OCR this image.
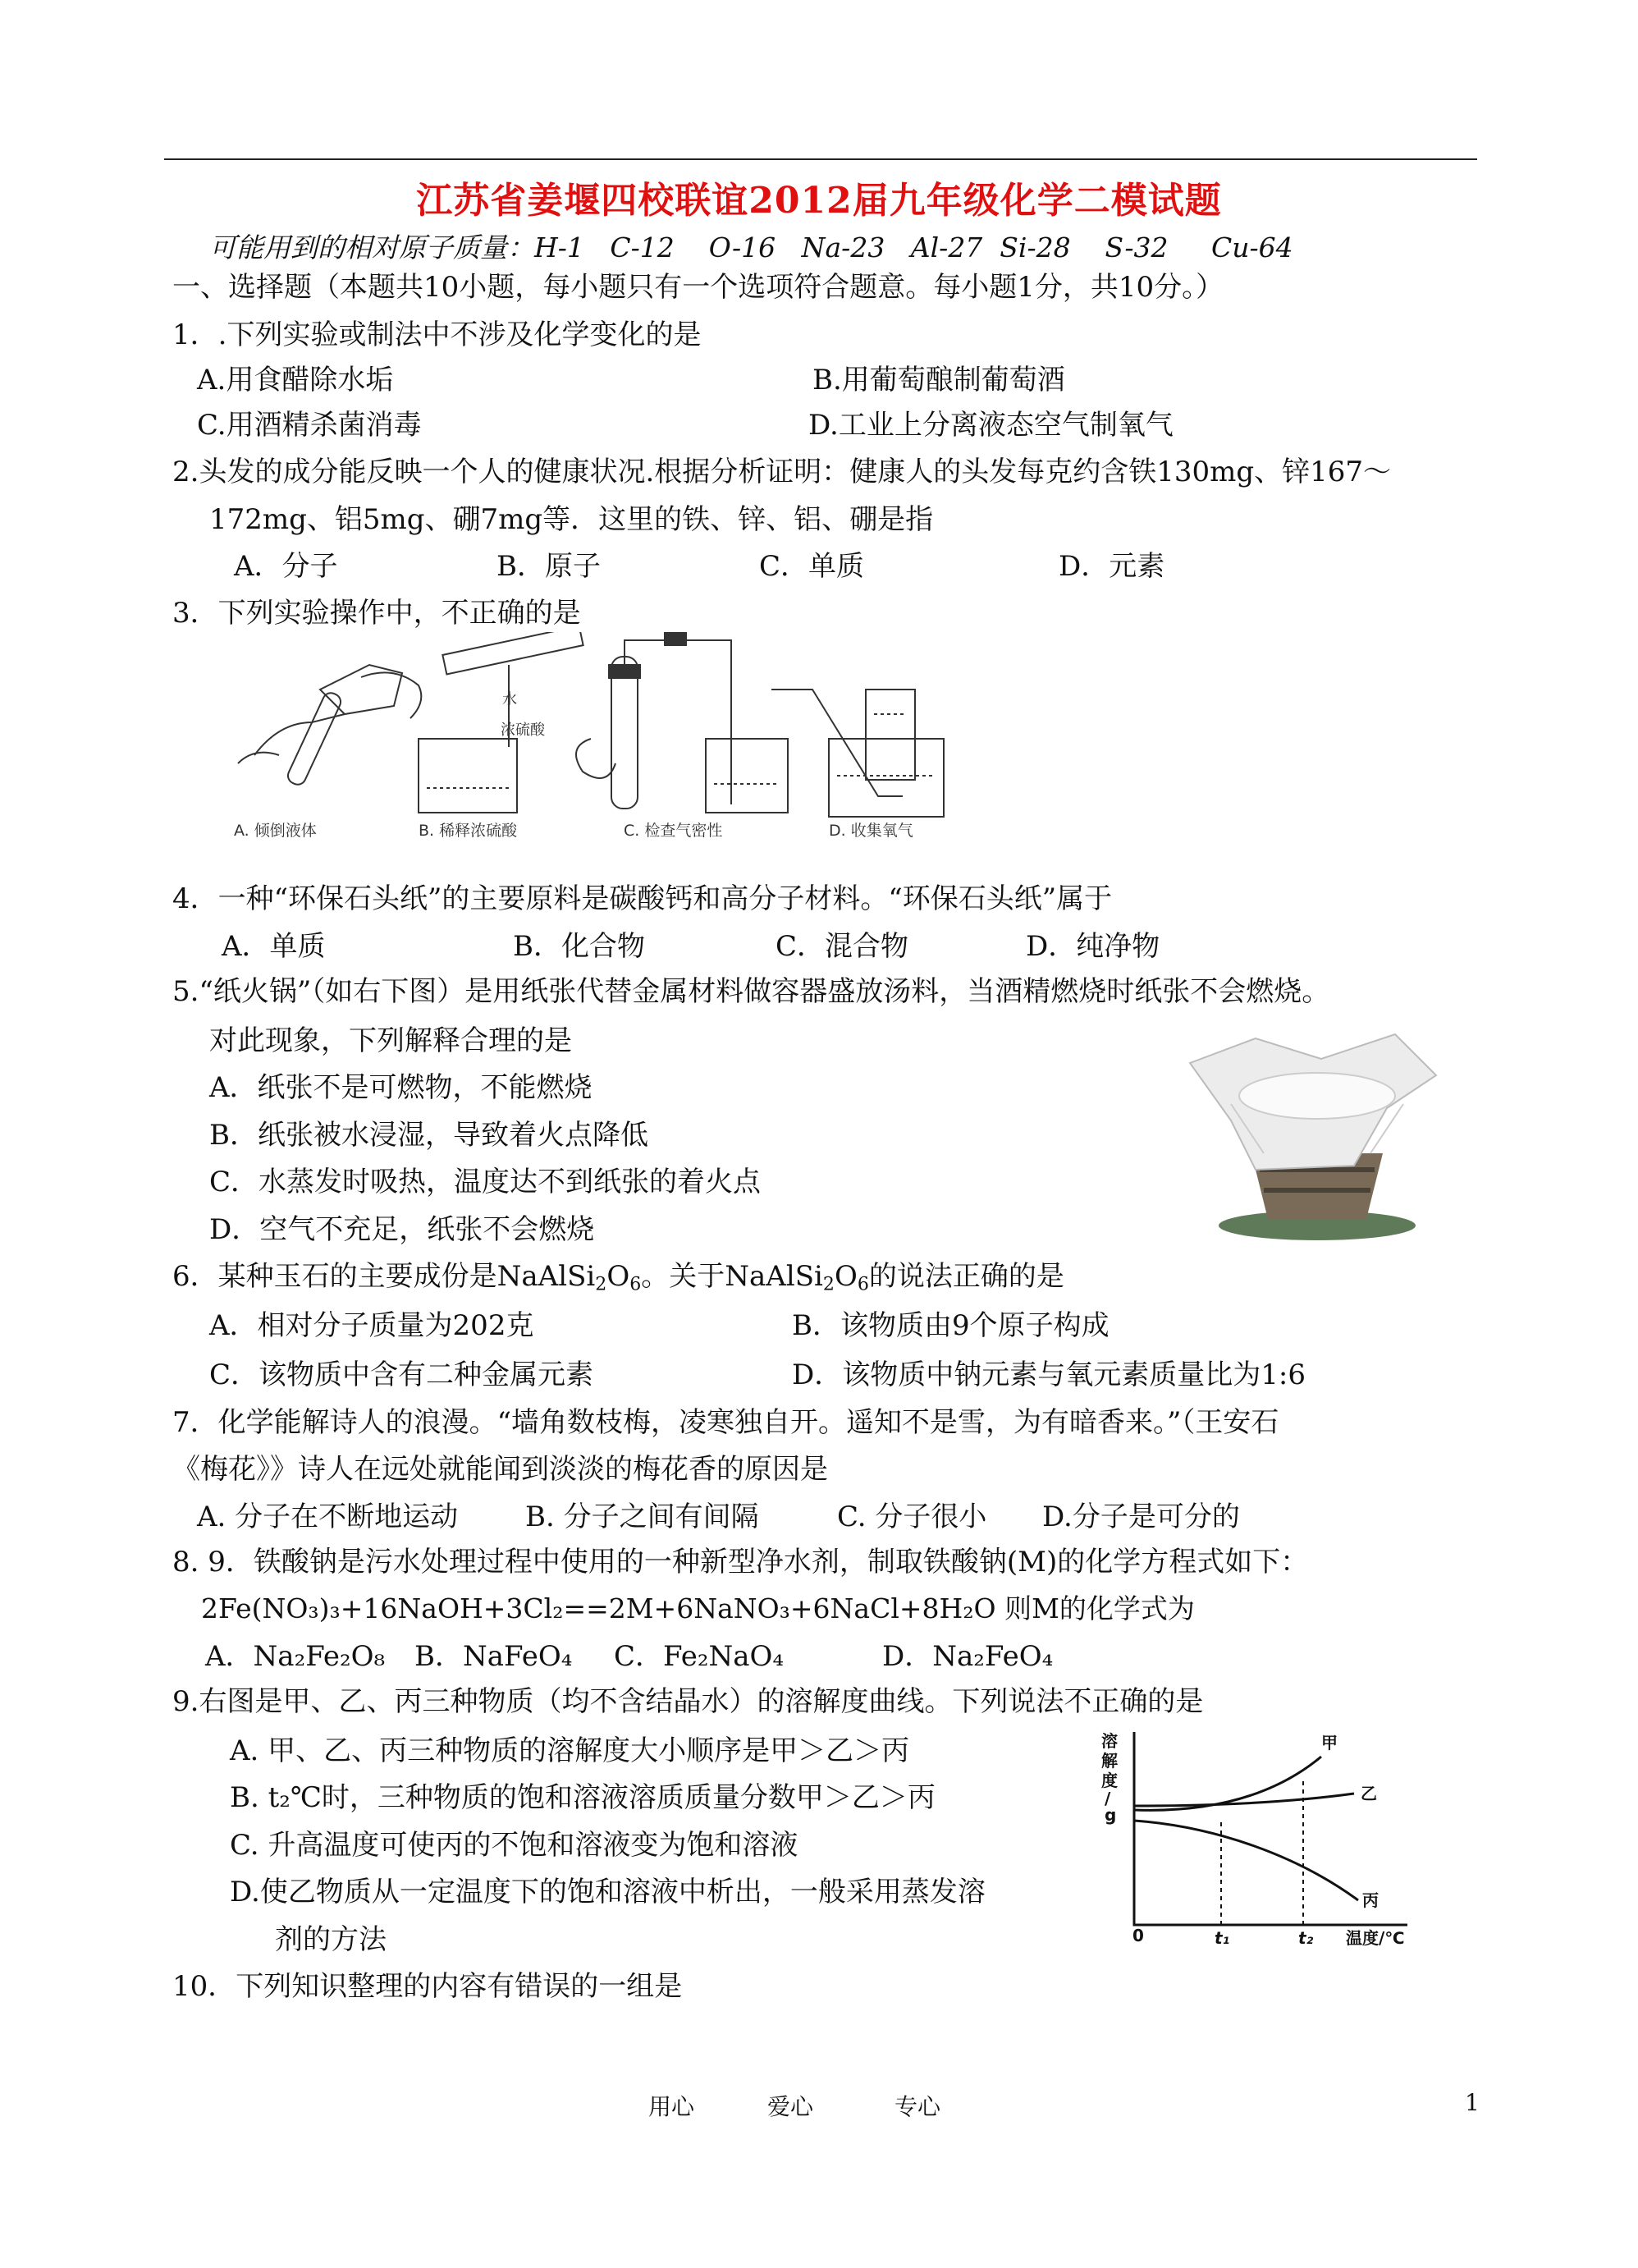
江苏省姜堰四校联谊2012届九年级化学二模试题
可能用到的相对原子质量：H-1   C-12    O-16   Na-23   Al-27  Si-28    S-32     Cu-64
一、选择题（本题共10小题，每小题只有一个选项符合题意。每小题1分，共10分。）
1．.下列实验或制法中不涉及化学变化的是
A.用食醋除水垢	B.用葡萄酿制葡萄酒
C.用酒精杀菌消毒	D.工业上分离液态空气制氧气
2.头发的成分能反映一个人的健康状况.根据分析证明：健康人的头发每克约含铁130mg、锌167～
172mg、铝5mg、硼7mg等．这里的铁、锌、铝、硼是指
A．分子	B．原子	C．单质	D．元素
3．下列实验操作中，不正确的是
水
浓硫酸
A. 倾倒液体	B. 稀释浓硫酸	C. 检查气密性	D. 收集氧气
4．一种“环保石头纸”的主要原料是碳酸钙和高分子材料。“环保石头纸”属于
A．单质	B．化合物	C．混合物	D．纯净物
5.“纸火锅”（如右下图）是用纸张代替金属材料做容器盛放汤料，当酒精燃烧时纸张不会燃烧。
对此现象，下列解释合理的是
A．纸张不是可燃物，不能燃烧
B．纸张被水浸湿，导致着火点降低
C．水蒸发时吸热，温度达不到纸张的着火点
D．空气不充足，纸张不会燃烧
6．某种玉石的主要成份是$NaAlSi_2O_6$。关于$NaAlSi_2O_6$的说法正确的是
A．相对分子质量为202克	B．该物质由9个原子构成
C．该物质中含有二种金属元素	D．该物质中钠元素与氧元素质量比为1:6
7．化学能解诗人的浪漫。“墙角数枝梅，凌寒独自开。遥知不是雪，为有暗香来。”（王安石
《梅花》》诗人在远处就能闻到淡淡的梅花香的原因是
A. 分子在不断地运动 B. 分子之间有间隔	C. 分子很小 D.分子是可分的
8. 9．铁酸钠是污水处理过程中使用的一种新型净水剂，制取铁酸钠(M)的化学方程式如下：
2Fe(NO₃)₃+16NaOH+3Cl₂==2M+6NaNO₃+6NaCl+8H₂O 则M的化学式为
A．Na₂Fe₂O₈ B．NaFeO₄ C．Fe₂NaO₄	D．Na₂FeO₄
9.右图是甲、乙、丙三种物质（均不含结晶水）的溶解度曲线。下列说法不正确的是
A. 甲、乙、丙三种物质的溶解度大小顺序是甲＞乙＞丙
B. t₂℃时，三种物质的饱和溶液溶质质量分数甲＞乙＞丙
C. 升高温度可使丙的不饱和溶液变为饱和溶液
D.使乙物质从一定温度下的饱和溶液中析出，一般采用蒸发溶
剂的方法
溶
解
度
/
g
0	t₁	t₂ 温度/℃
甲
乙
丙
10．下列知识整理的内容有错误的一组是
用心	爱心	专心	1
